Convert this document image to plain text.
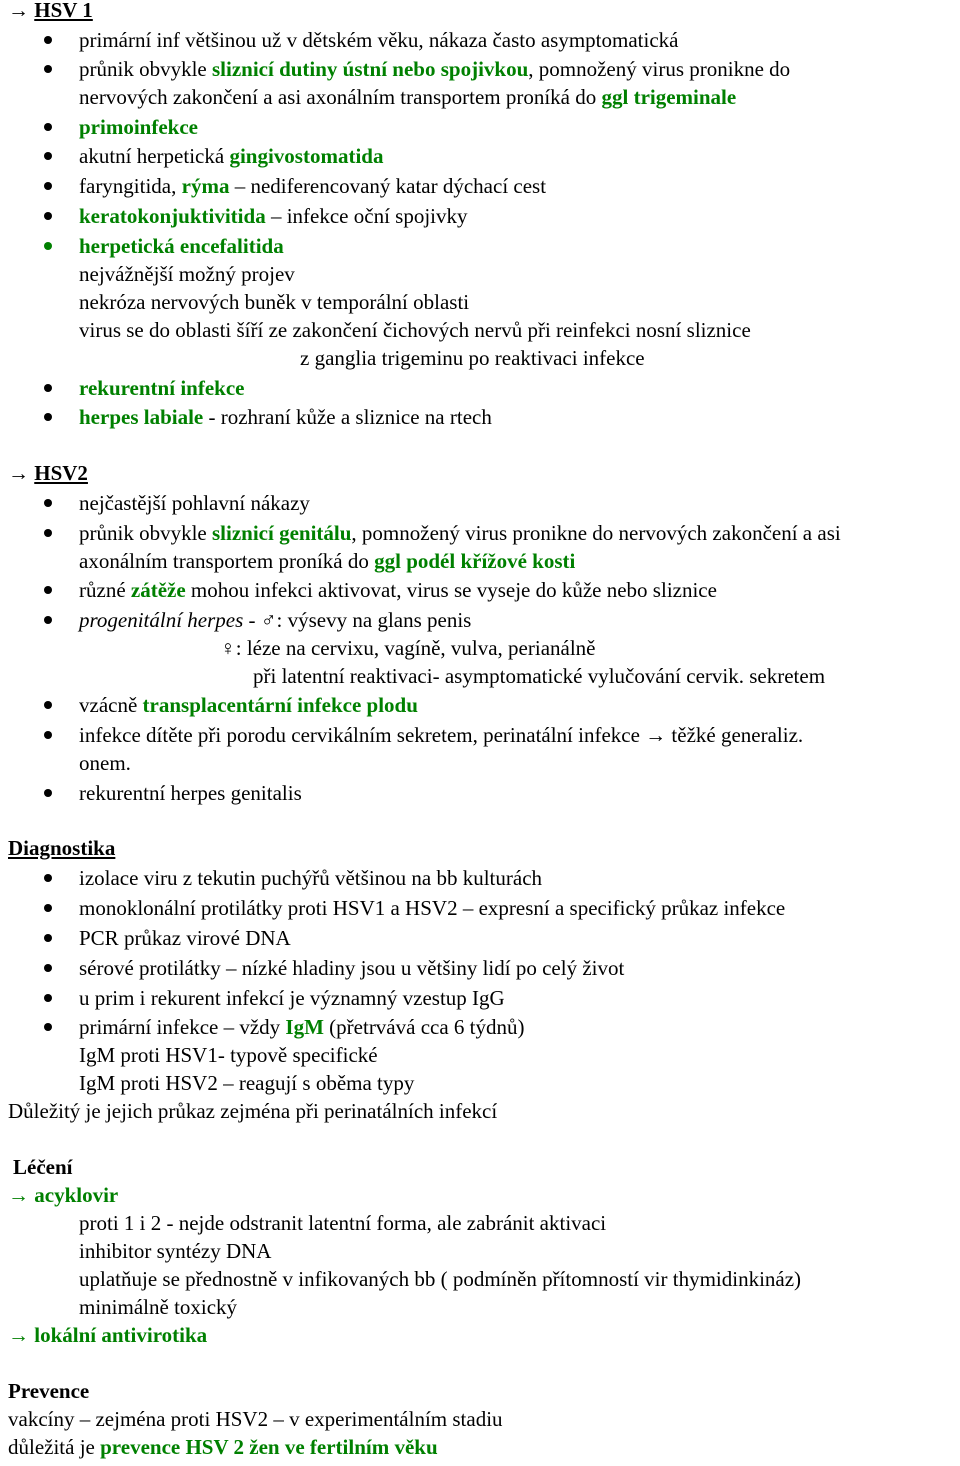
→ HSV 1
primární inf většinou už v dětském věku, nákaza často asymptomatická
průnik obvykle sliznicí dutiny ústní nebo spojivkou, pomnožený virus pronikne do
nervových zakončení a asi axonálním transportem proníká do ggl trigeminale
primoinfekce
akutní herpetická gingivostomatida
faryngitida, rýma – nediferencovaný katar dýchací cest
keratokonjuktivitida – infekce oční spojivky
herpetická encefalitida
nejvážnější možný projev
nekróza nervových buněk v temporální oblasti
virus se do oblasti šíří ze zakončení čichových nervů při reinfekci nosní sliznice
z ganglia trigeminu po reaktivaci infekce
rekurentní infekce
herpes labiale - rozhraní kůže a sliznice na rtech
→ HSV2
nejčastější pohlavní nákazy
průnik obvykle sliznicí genitálu, pomnožený virus pronikne do nervových zakončení a asi
axonálním transportem proníká do ggl podél křížové kosti
různé zátěže mohou infekci aktivovat, virus se vyseje do kůže nebo sliznice
progenitální herpes - ♂: výsevy na glans penis
♀: léze na cervixu, vagíně, vulva, perianálně
při latentní reaktivaci- asymptomatické vylučování cervik. sekretem
vzácně transplacentární infekce plodu
infekce dítěte při porodu cervikálním sekretem, perinatální infekce → těžké generaliz.
onem.
rekurentní herpes genitalis
Diagnostika
izolace viru z tekutin puchýřů většinou na bb kulturách
monoklonální protilátky proti HSV1 a HSV2 – expresní a specifický průkaz infekce
PCR průkaz virové DNA
sérové protilátky – nízké hladiny jsou u většiny lidí po celý život
u prim i rekurent infekcí je významný vzestup IgG
primární infekce – vždy IgM (přetrvává cca 6 týdnů)
IgM proti HSV1- typově specifické
IgM proti HSV2 – reagují s oběma typy
Důležitý je jejich průkaz zejména při perinatálních infekcí
Léčení
→ acyklovir
proti 1 i 2 - nejde odstranit latentní forma, ale zabránit aktivaci
inhibitor syntézy DNA
uplatňuje se přednostně v infikovaných bb ( podmíněn přítomností vir thymidinkináz)
minimálně toxický
→ lokální antivirotika
Prevence
vakcíny – zejména proti HSV2 – v experimentálním stadiu
důležitá je prevence HSV 2 žen ve fertilním věku
